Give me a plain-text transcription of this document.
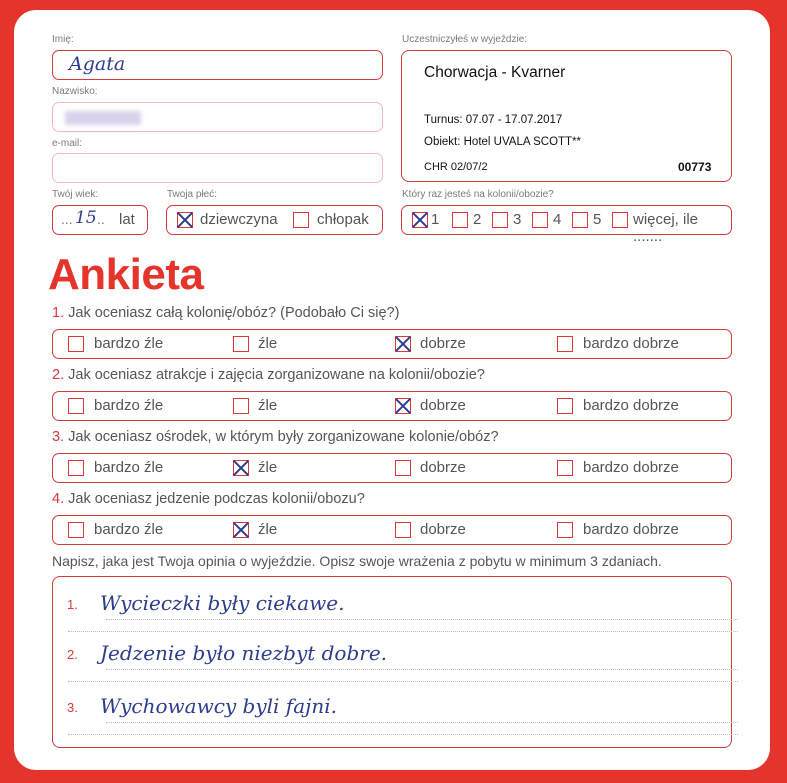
Imię:
Agata
Nazwisko:
e-mail:
Twój wiek:
... 15 .. lat
Twoja płeć:
dziewczyna	chłopak
Uczestniczyłeś w wyjeździe:
Chorwacja - Kvarner
Turnus: 07.07 - 17.07.2017
Obiekt: Hotel UVALA SCOTT**
CHR 02/07/2	00773
Który raz jesteś na kolonii/obozie?
1 2 3 4 5 więcej, ile .......
Ankieta
1. Jak oceniasz całą kolonię/obóz? (Podobało Ci się?)
bardzo źle	źle	dobrze	bardzo dobrze
2. Jak oceniasz atrakcje i zajęcia zorganizowane na kolonii/obozie?
bardzo źle	źle	dobrze	bardzo dobrze
3. Jak oceniasz ośrodek, w którym były zorganizowane kolonie/obóz?
bardzo źle	źle	dobrze	bardzo dobrze
4. Jak oceniasz jedzenie podczas kolonii/obozu?
bardzo źle	źle	dobrze	bardzo dobrze
Napisz, jaka jest Twoja opinia o wyjeździe. Opisz swoje wrażenia z pobytu w minimum 3 zdaniach.
1. Wycieczki były ciekawe.
2. Jedzenie było niezbyt dobre.
3. Wychowawcy byli fajni.
